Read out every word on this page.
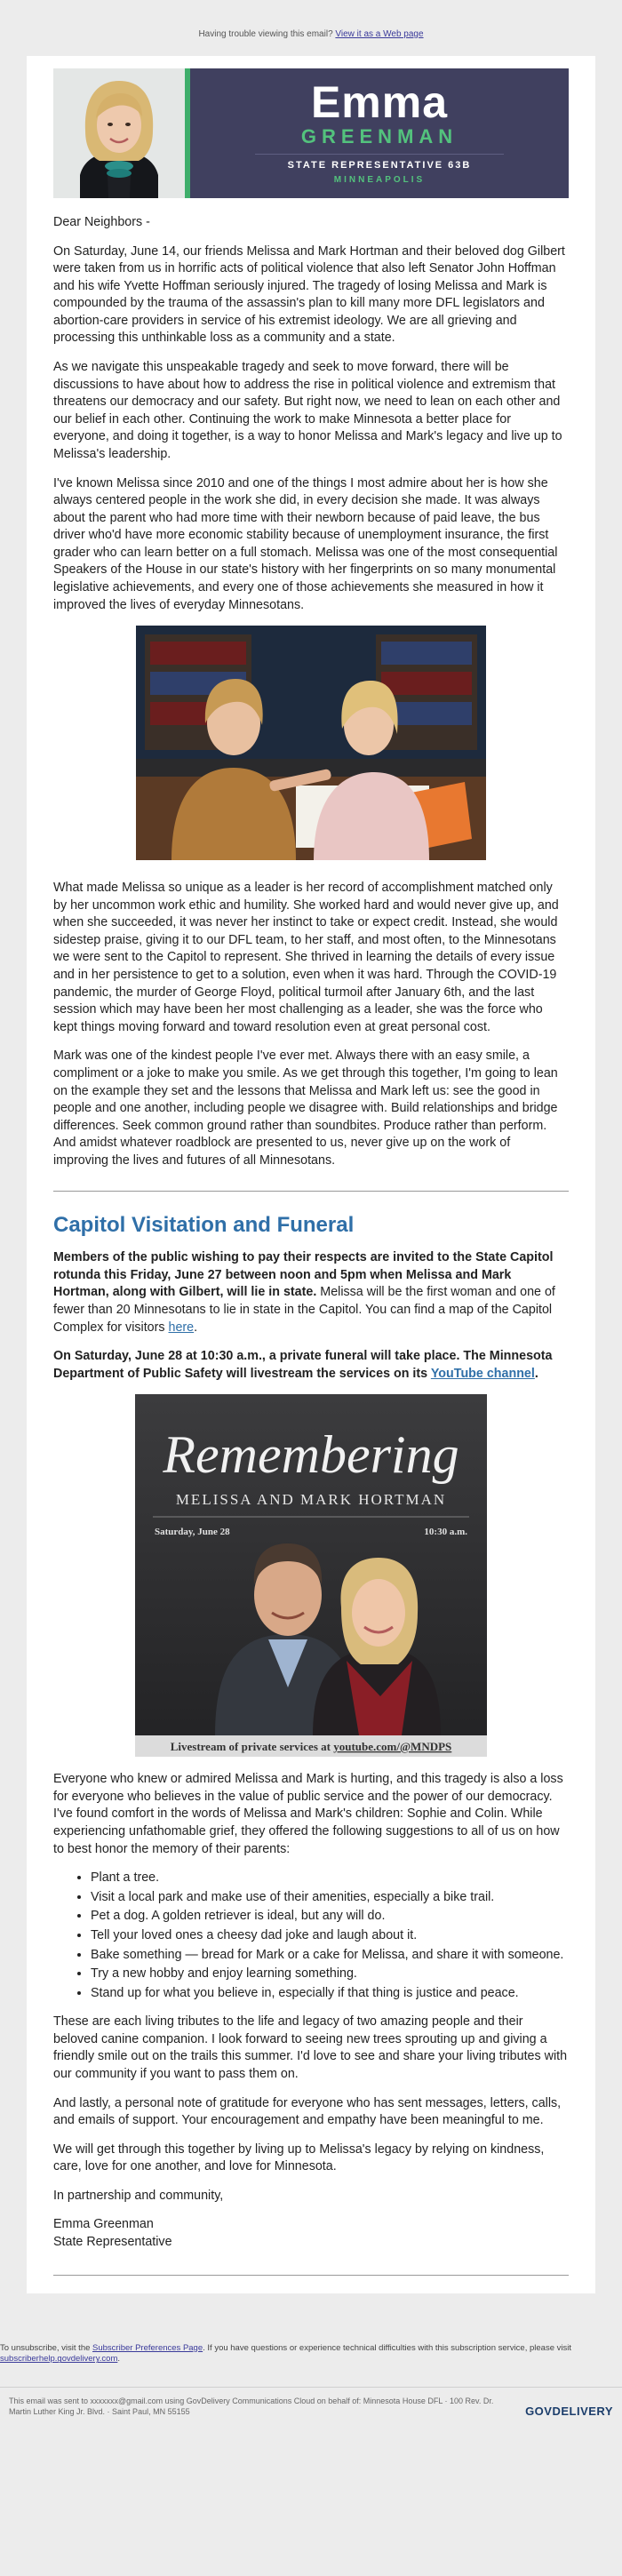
Having trouble viewing this email? View it as a Web page
Emma
GREENMAN
STATE REPRESENTATIVE 63B
MINNEAPOLIS

Dear Neighbors -

On Saturday, June 14, our friends Melissa and Mark Hortman and their beloved dog Gilbert were taken from us in horrific acts of political violence that also left Senator John Hoffman and his wife Yvette Hoffman seriously injured. The tragedy of losing Melissa and Mark is compounded by the trauma of the assassin's plan to kill many more DFL legislators and abortion-care providers in service of his extremist ideology. We are all grieving and processing this unthinkable loss as a community and a state.

As we navigate this unspeakable tragedy and seek to move forward, there will be discussions to have about how to address the rise in political violence and extremism that threatens our democracy and our safety. But right now, we need to lean on each other and our belief in each other. Continuing the work to make Minnesota a better place for everyone, and doing it together, is a way to honor Melissa and Mark's legacy and live up to Melissa's leadership.

I've known Melissa since 2010 and one of the things I most admire about her is how she always centered people in the work she did, in every decision she made. It was always about the parent who had more time with their newborn because of paid leave, the bus driver who'd have more economic stability because of unemployment insurance, the first grader who can learn better on a full stomach. Melissa was one of the most consequential Speakers of the House in our state's history with her fingerprints on so many monumental legislative achievements, and every one of those achievements she measured in how it improved the lives of everyday Minnesotans.

What made Melissa so unique as a leader is her record of accomplishment matched only by her uncommon work ethic and humility. She worked hard and would never give up, and when she succeeded, it was never her instinct to take or expect credit. Instead, she would sidestep praise, giving it to our DFL team, to her staff, and most often, to the Minnesotans we were sent to the Capitol to represent. She thrived in learning the details of every issue and in her persistence to get to a solution, even when it was hard. Through the COVID-19 pandemic, the murder of George Floyd, political turmoil after January 6th, and the last session which may have been her most challenging as a leader, she was the force who kept things moving forward and toward resolution even at great personal cost.

Mark was one of the kindest people I've ever met. Always there with an easy smile, a compliment or a joke to make you smile. As we get through this together, I'm going to lean on the example they set and the lessons that Melissa and Mark left us: see the good in people and one another, including people we disagree with. Build relationships and bridge differences. Seek common ground rather than soundbites. Produce rather than perform. And amidst whatever roadblock are presented to us, never give up on the work of improving the lives and futures of all Minnesotans.

Capitol Visitation and Funeral

Members of the public wishing to pay their respects are invited to the State Capitol rotunda this Friday, June 27 between noon and 5pm when Melissa and Mark Hortman, along with Gilbert, will lie in state. Melissa will be the first woman and one of fewer than 20 Minnesotans to lie in state in the Capitol. You can find a map of the Capitol Complex for visitors here.

On Saturday, June 28 at 10:30 a.m., a private funeral will take place. The Minnesota Department of Public Safety will livestream the services on its YouTube channel.

Remembering
MELISSA AND MARK HORTMAN
Saturday, June 28	10:30 a.m.
Livestream of private services at youtube.com/@MNDPS

Everyone who knew or admired Melissa and Mark is hurting, and this tragedy is also a loss for everyone who believes in the value of public service and the power of our democracy. I've found comfort in the words of Melissa and Mark's children: Sophie and Colin. While experiencing unfathomable grief, they offered the following suggestions to all of us on how to best honor the memory of their parents:

• Plant a tree.
• Visit a local park and make use of their amenities, especially a bike trail.
• Pet a dog. A golden retriever is ideal, but any will do.
• Tell your loved ones a cheesy dad joke and laugh about it.
• Bake something — bread for Mark or a cake for Melissa, and share it with someone.
• Try a new hobby and enjoy learning something.
• Stand up for what you believe in, especially if that thing is justice and peace.

These are each living tributes to the life and legacy of two amazing people and their beloved canine companion. I look forward to seeing new trees sprouting up and giving a friendly smile out on the trails this summer. I'd love to see and share your living tributes with our community if you want to pass them on.

And lastly, a personal note of gratitude for everyone who has sent messages, letters, calls, and emails of support. Your encouragement and empathy have been meaningful to me.

We will get through this together by living up to Melissa's legacy by relying on kindness, care, love for one another, and love for Minnesota.

In partnership and community,

Emma Greenman

State Representative

To unsubscribe, visit the Subscriber Preferences Page. If you have questions or experience technical difficulties with this subscription service, please visit subscriberhelp.govdelivery.com.
This email was sent to xxxxxxx@gmail.com using GovDelivery Communications Cloud on behalf of: Minnesota House DFL · 100 Rev. Dr. Martin Luther King Jr. Blvd. · Saint Paul, MN 55155	GOVDELIVERY
